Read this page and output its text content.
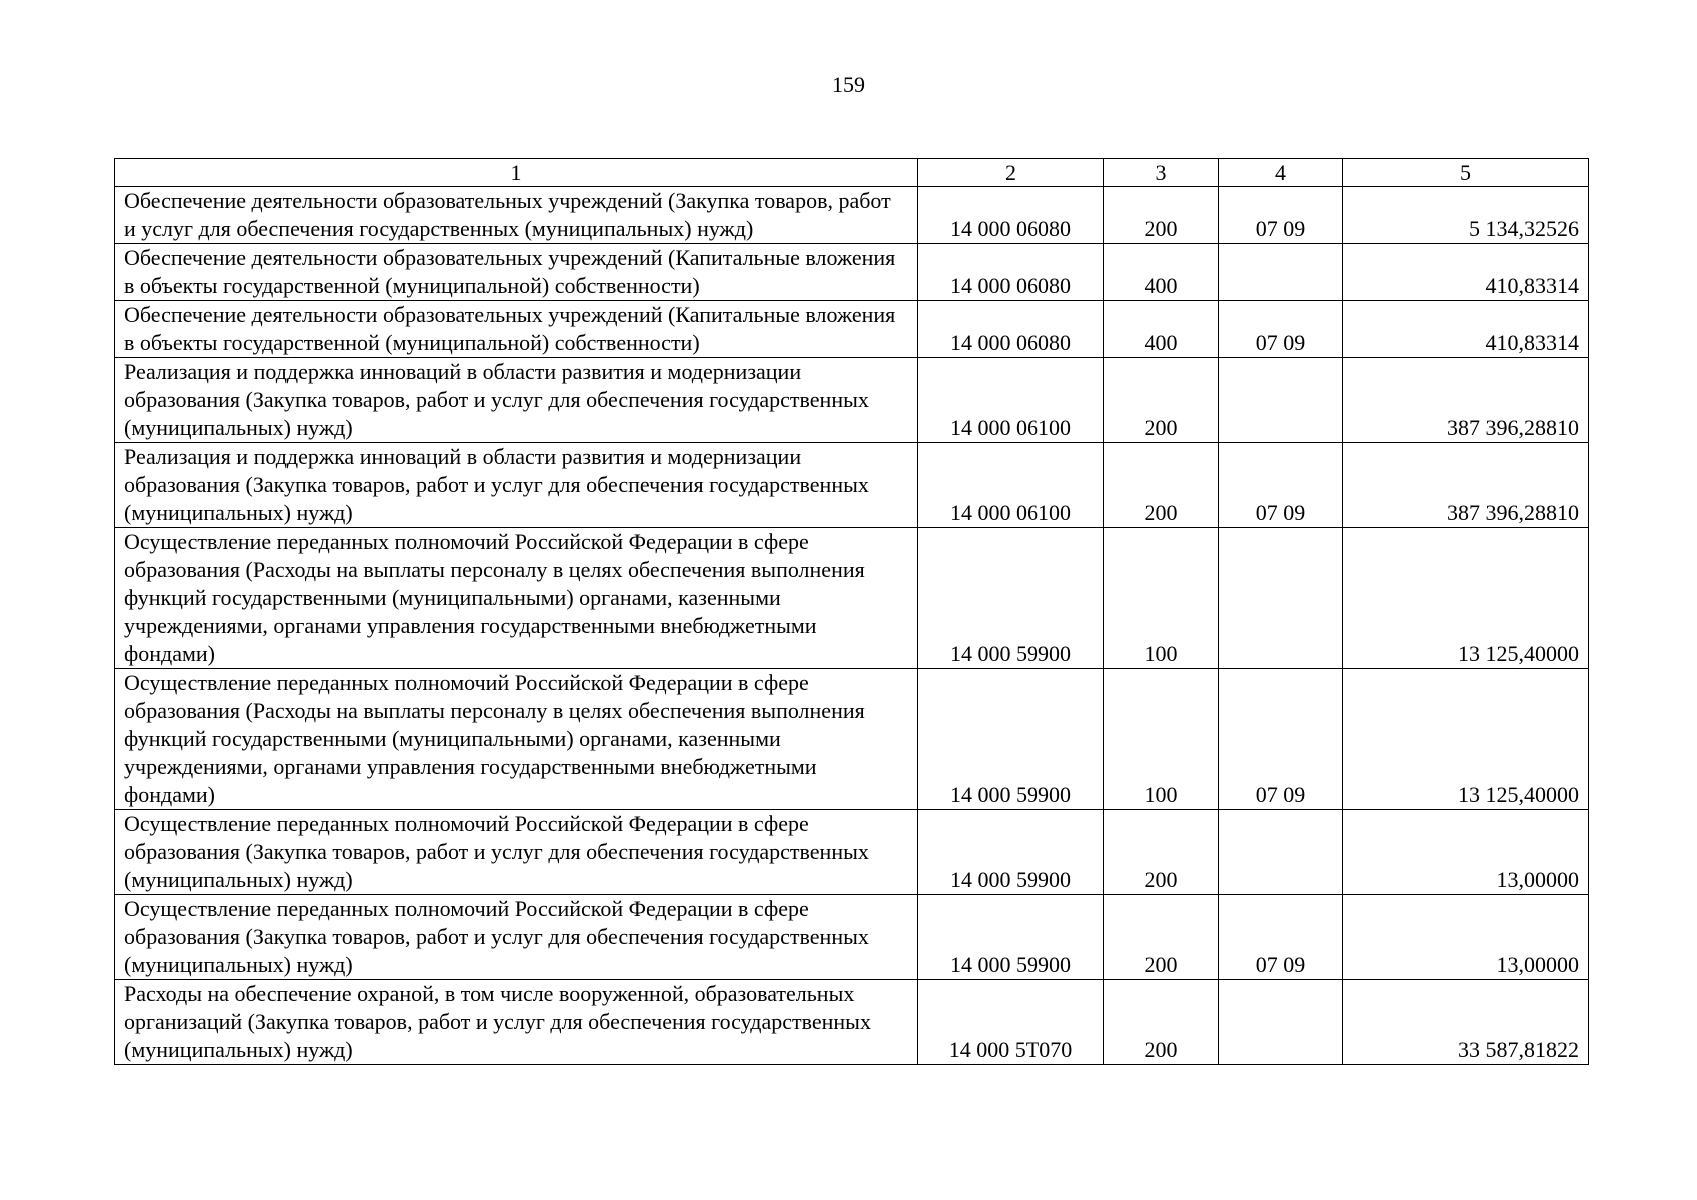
159
1	2	3	4	5
Обеспечение деятельности образовательных учреждений (Закупка товаров, работ и услуг для обеспечения государственных (муниципальных) нужд)	14 000 06080	200	07 09	5 134,32526
Обеспечение деятельности образовательных учреждений (Капитальные вложения в объекты государственной (муниципальной) собственности)	14 000 06080	400		410,83314
Обеспечение деятельности образовательных учреждений (Капитальные вложения в объекты государственной (муниципальной) собственности)	14 000 06080	400	07 09	410,83314
Реализация и поддержка инноваций в области развития и модернизации образования (Закупка товаров, работ и услуг для обеспечения государственных (муниципальных) нужд)	14 000 06100	200		387 396,28810
Реализация и поддержка инноваций в области развития и модернизации образования (Закупка товаров, работ и услуг для обеспечения государственных (муниципальных) нужд)	14 000 06100	200	07 09	387 396,28810
Осуществление переданных полномочий Российской Федерации в сфере образования (Расходы на выплаты персоналу в целях обеспечения выполнения функций государственными (муниципальными) органами, казенными учреждениями, органами управления государственными внебюджетными фондами)	14 000 59900	100		13 125,40000
Осуществление переданных полномочий Российской Федерации в сфере образования (Расходы на выплаты персоналу в целях обеспечения выполнения функций государственными (муниципальными) органами, казенными учреждениями, органами управления государственными внебюджетными фондами)	14 000 59900	100	07 09	13 125,40000
Осуществление переданных полномочий Российской Федерации в сфере образования (Закупка товаров, работ и услуг для обеспечения государственных (муниципальных) нужд)	14 000 59900	200		13,00000
Осуществление переданных полномочий Российской Федерации в сфере образования (Закупка товаров, работ и услуг для обеспечения государственных (муниципальных) нужд)	14 000 59900	200	07 09	13,00000
Расходы на обеспечение охраной, в том числе вооруженной, образовательных организаций (Закупка товаров, работ и услуг для обеспечения государственных (муниципальных) нужд)	14 000 5Т070	200		33 587,81822
